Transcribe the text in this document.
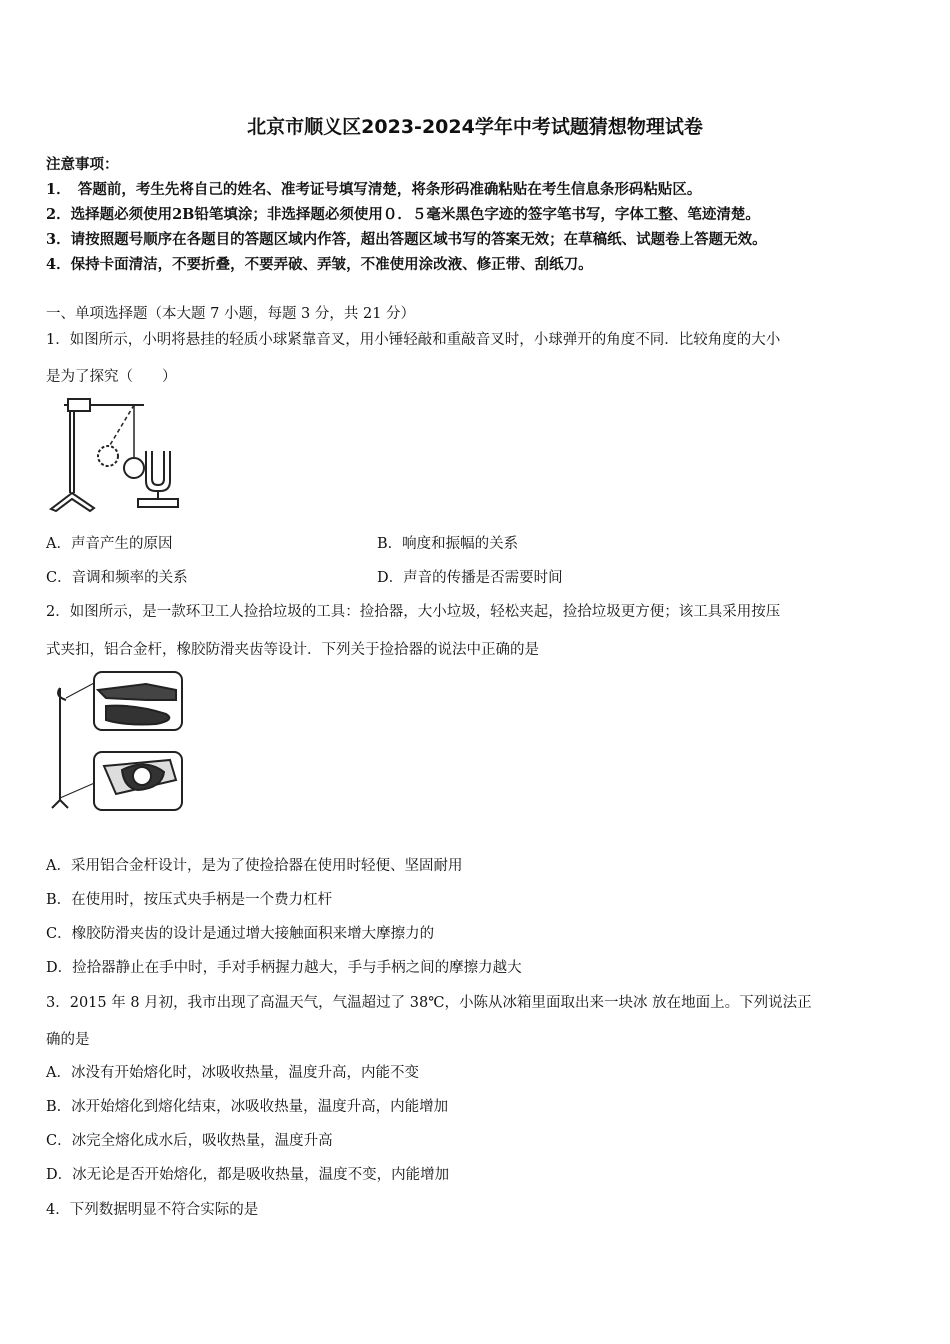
北京市顺义区2023-2024学年中考试题猜想物理试卷
注意事项：
1．　答题前，考生先将自己的姓名、准考证号填写清楚，将条形码准确粘贴在考生信息条形码粘贴区。
2．选择题必须使用2B铅笔填涂；非选择题必须使用０．５毫米黑色字迹的签字笔书写，字体工整、笔迹清楚。
3．请按照题号顺序在各题目的答题区域内作答，超出答题区域书写的答案无效；在草稿纸、试题卷上答题无效。
4．保持卡面清洁，不要折叠，不要弄破、弄皱，不准使用涂改液、修正带、刮纸刀。
一、单项选择题（本大题 7 小题，每题 3 分，共 21 分）
1．如图所示，小明将悬挂的轻质小球紧靠音叉，用小锤轻敲和重敲音叉时，小球弹开的角度不同．比较角度的大小
是为了探究（　　）
A．声音产生的原因	B．响度和振幅的关系
C．音调和频率的关系	D．声音的传播是否需要时间
2．如图所示，是一款环卫工人捡拾垃圾的工具：捡拾器，大小垃圾，轻松夹起，捡拾垃圾更方便；该工具采用按压
式夹扣，铝合金杆，橡胶防滑夹齿等设计．下列关于捡拾器的说法中正确的是
A．采用铝合金杆设计，是为了使捡拾器在使用时轻便、坚固耐用
B．在使用时，按压式央手柄是一个费力杠杆
C．橡胶防滑夹齿的设计是通过增大接触面积来增大摩擦力的
D．捡拾器静止在手中时，手对手柄握力越大，手与手柄之间的摩擦力越大
3．2015 年 8 月初，我市出现了高温天气，气温超过了 38℃，小陈从冰箱里面取出来一块冰 放在地面上。下列说法正
确的是
A．冰没有开始熔化时，冰吸收热量，温度升高，内能不变
B．冰开始熔化到熔化结束，冰吸收热量，温度升高，内能增加
C．冰完全熔化成水后，吸收热量，温度升高
D．冰无论是否开始熔化，都是吸收热量，温度不变，内能增加
4．下列数据明显不符合实际的是
